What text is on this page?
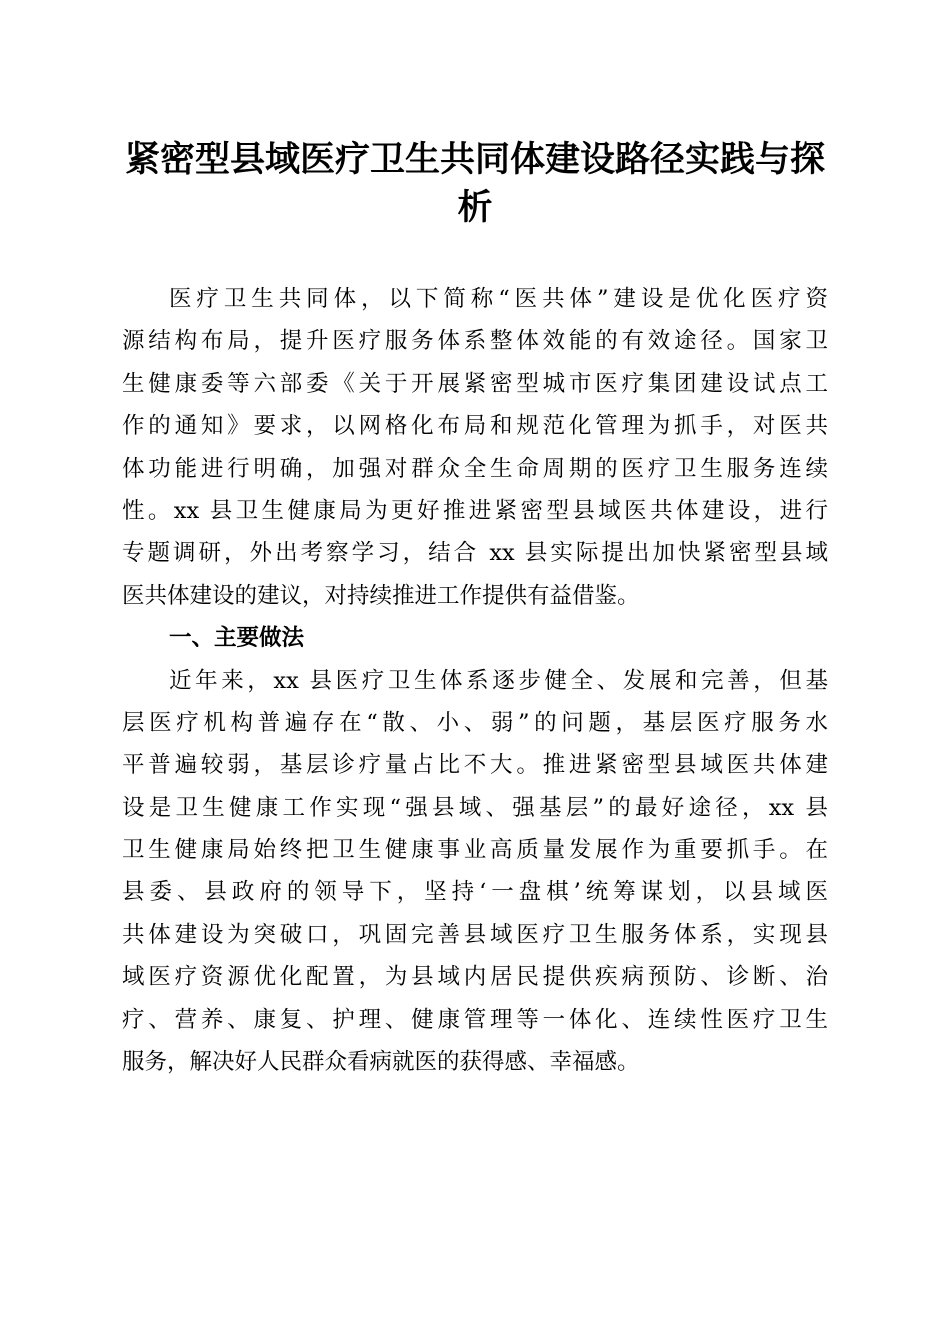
紧密型县域医疗卫生共同体建设路径实践与探
析
医疗卫生共同体，以下简称“医共体”建设是优化医疗资
源结构布局，提升医疗服务体系整体效能的有效途径。国家卫
生健康委等六部委《关于开展紧密型城市医疗集团建设试点工
作的通知》要求，以网格化布局和规范化管理为抓手，对医共
体功能进行明确，加强对群众全生命周期的医疗卫生服务连续
性。xx 县卫生健康局为更好推进紧密型县域医共体建设，进行
专题调研，外出考察学习，结合 xx 县实际提出加快紧密型县域
医共体建设的建议，对持续推进工作提供有益借鉴。
一、主要做法
近年来，xx 县医疗卫生体系逐步健全、发展和完善，但基
层医疗机构普遍存在“散、小、弱”的问题，基层医疗服务水
平普遍较弱，基层诊疗量占比不大。推进紧密型县域医共体建
设是卫生健康工作实现“强县域、强基层”的最好途径，xx 县
卫生健康局始终把卫生健康事业高质量发展作为重要抓手。在
县委、县政府的领导下，坚持‘一盘棋’统筹谋划，以县域医
共体建设为突破口，巩固完善县域医疗卫生服务体系，实现县
域医疗资源优化配置，为县域内居民提供疾病预防、诊断、治
疗、营养、康复、护理、健康管理等一体化、连续性医疗卫生
服务，解决好人民群众看病就医的获得感、幸福感。
